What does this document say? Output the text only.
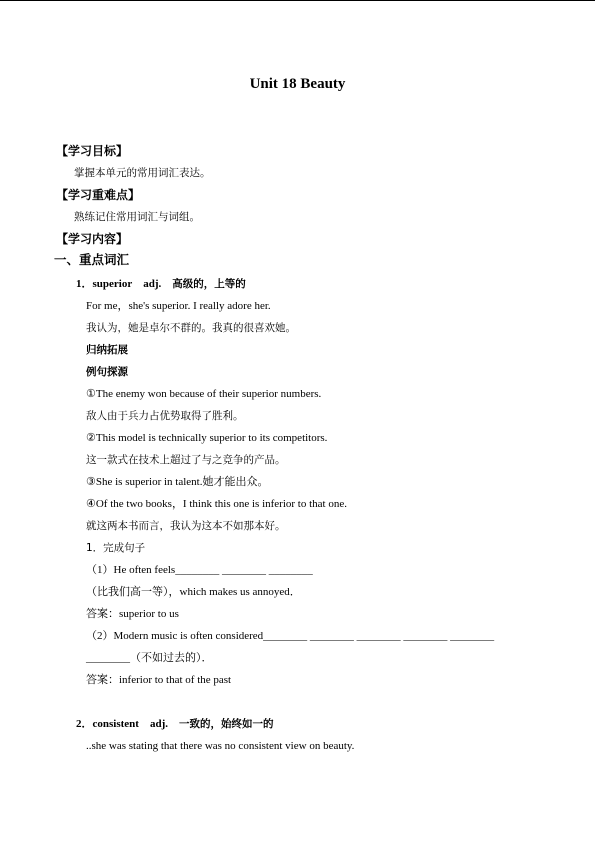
Unit 18 Beauty
【学习目标】
掌握本单元的常用词汇表达。
【学习重难点】
熟练记住常用词汇与词组。
【学习内容】
一、重点词汇
1．superior adj. 高级的，上等的
For me，she's superior. I really adore her.
我认为，她是卓尔不群的。我真的很喜欢她。
归纳拓展
例句探源
①The enemy won because of their superior numbers.
敌人由于兵力占优势取得了胜利。
②This model is technically superior to its competitors.
这一款式在技术上超过了与之竞争的产品。
③She is superior in talent.她才能出众。
④Of the two books，I think this one is inferior to that one.
就这两本书而言，我认为这本不如那本好。
1．完成句子
（1）He often feels________ ________ ________
（比我们高一等），which makes us annoyed．
答案：superior to us
（2）Modern music is often considered________ ________ ________ ________ ________
________（不如过去的）．
答案：inferior to that of the past
2．consistent adj. 一致的，始终如一的
..she was stating that there was no consistent view on beauty.
